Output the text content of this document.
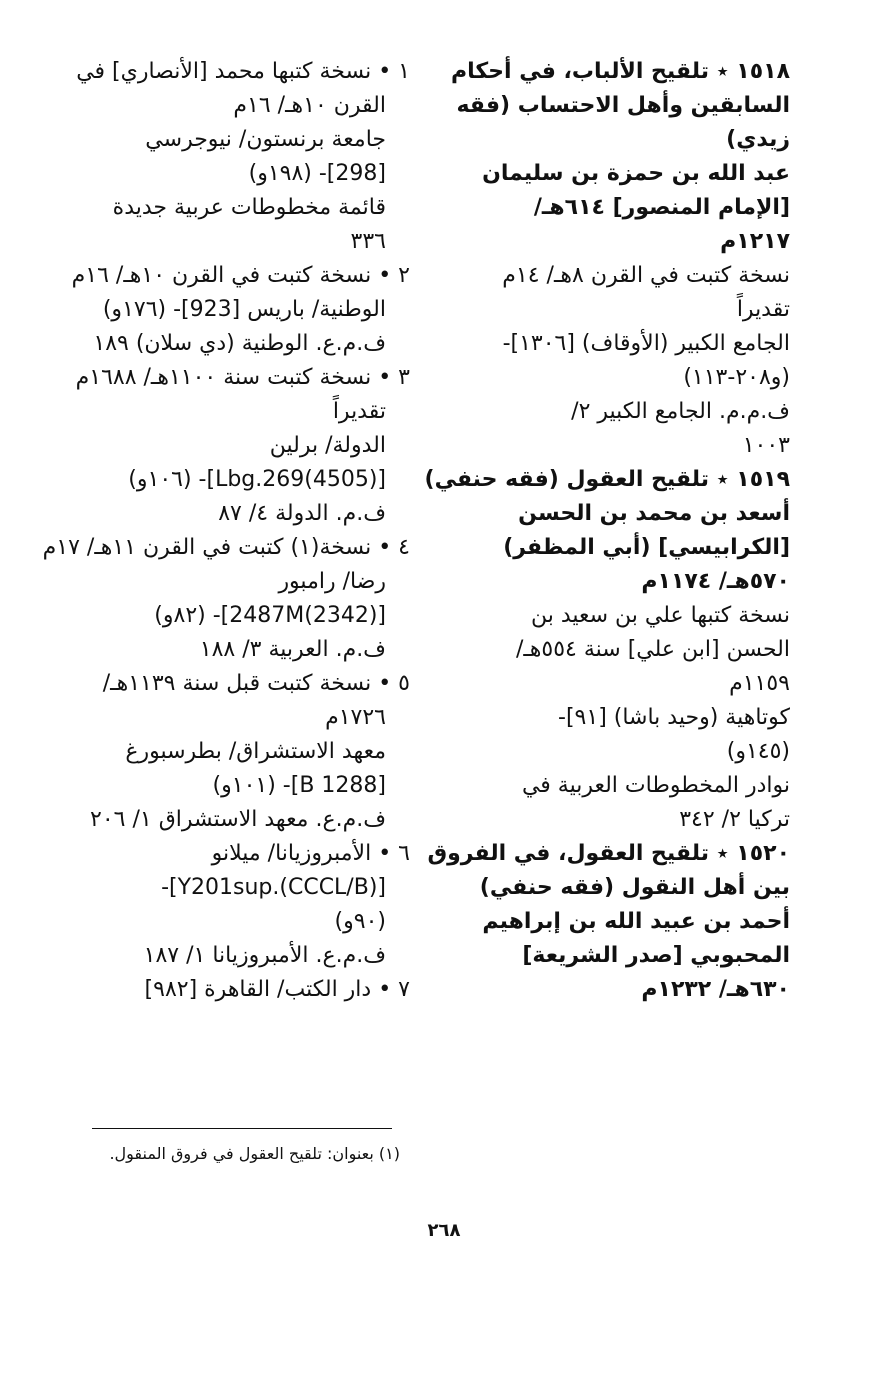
١٥١٨ ٭ تلقيح الألباب، في أحكام
السابقين وأهل الاحتساب (فقه
زيدي)
عبد الله بن حمزة بن سليمان
[الإمام المنصور] ٦١٤هـ/
١٢١٧م
نسخة كتبت في القرن ٨هـ/ ١٤م
تقديراً
الجامع الكبير (الأوقاف) [١٣٠٦]-
(و٢٠٨-١١٣)
ف.م.م. الجامع الكبير ٢/
١٠٠٣
١٥١٩ ٭ تلقيح العقول (فقه حنفي)
أسعد بن محمد بن الحسن
[الكرابيسي] (أبي المظفر)
٥٧٠هـ/ ١١٧٤م
نسخة كتبها علي بن سعيد بن
الحسن [ابن علي] سنة ٥٥٤هـ/
١١٥٩م
كوتاهية (وحيد باشا) [٩١]-
(١٤٥و)
نوادر المخطوطات العربية في
تركيا ٢/ ٣٤٢
١٥٢٠ ٭ تلقيح العقول، في الفروق
بين أهل النقول (فقه حنفي)
أحمد بن عبيد الله بن إبراهيم
المحبوبي [صدر الشريعة]
٦٣٠هـ/ ١٢٣٢م
١ • نسخة كتبها محمد [الأنصاري] في
القرن ١٠هـ/ ١٦م
جامعة برنستون/ نيوجرسي
[298]- (١٩٨و)
قائمة مخطوطات عربية جديدة
٣٣٦
٢ • نسخة كتبت في القرن ١٠هـ/ ١٦م
الوطنية/ باريس [923]- (١٧٦و)
ف.م.ع. الوطنية (دي سلان) ١٨٩
٣ • نسخة كتبت سنة ١١٠٠هـ/ ١٦٨٨م
تقديراً
الدولة/ برلين
[(4505)Lbg.269]- (١٠٦و)
ف.م. الدولة ٤/ ٨٧
٤ • نسخة(١) كتبت في القرن ١١هـ/ ١٧م
رضا/ رامبور
[(2342)2487M]- (٨٢و)
ف.م. العربية ٣/ ١٨٨
٥ • نسخة كتبت قبل سنة ١١٣٩هـ/
١٧٢٦م
معهد الاستشراق/ بطرسبورغ
[B 1288]- (١٠١و)
ف.م.ع. معهد الاستشراق ١/ ٢٠٦
٦ • الأمبروزيانا/ ميلانو
[Y201sup.(CCCL/B)]-
(٩٠و)
ف.م.ع. الأمبروزيانا ١/ ١٨٧
٧ • دار الكتب/ القاهرة [٩٨٢]
(١) بعنوان: تلقيح العقول في فروق المنقول.
٢٦٨
